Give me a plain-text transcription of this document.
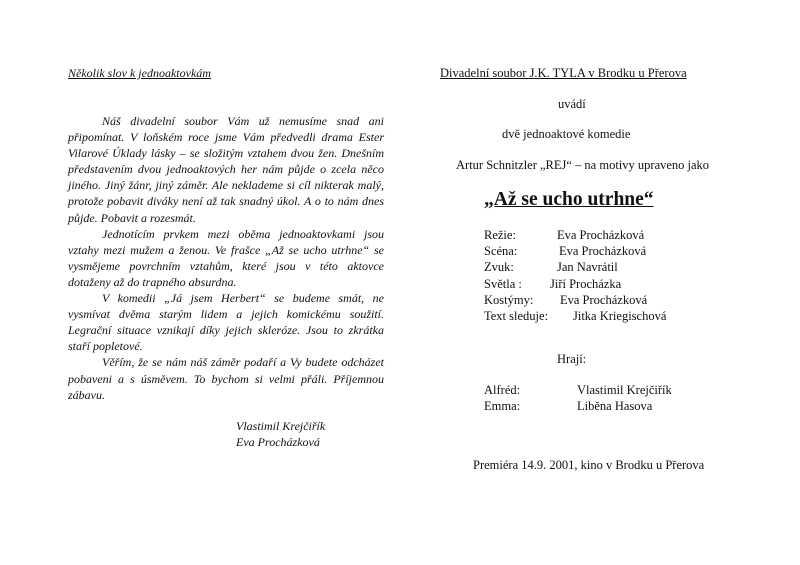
Několik slov k jednoaktovkám

Náš divadelní soubor Vám už nemusíme snad ani připomínat. V loňském roce jsme Vám předvedli drama Ester Vilarové Úklady lásky – se složitým vztahem dvou žen. Dnešním představením dvou jednoaktových her nám půjde o zcela něco jiného. Jiný žánr, jiný záměr. Ale neklademe si cíl nikterak malý, protože pobavit diváky není až tak snadný úkol. A o to nám dnes půjde. Pobavit a rozesmát.

Jednotícím prvkem mezi oběma jednoaktovkami jsou vztahy mezi mužem a ženou. Ve frašce „Až se ucho utrhne“ se vysmějeme povrchním vztahům, které jsou v této aktovce dotaženy až do trapného absurdna.

V komedii „Já jsem Herbert“ se budeme smát, ne vysmívat dvěma starým lidem a jejich komickému soužití. Legrační situace vznikají díky jejich skleróze. Jsou to zkrátka staří popletové.

Věřím, že se nám náš záměr podaří a Vy budete odcházet pobaveni a s úsměvem. To bychom si velmi přáli. Příjemnou zábavu.

Vlastimil Krejčiřík
Eva Procházková
Divadelní soubor J.K. TYLA v Brodku u Přerova
uvádí
dvě jednoaktové komedie
Artur Schnitzler „REJ“ – na motivy upraveno jako
„Až se ucho utrhne“
Režie:	Eva Procházková
Scéna:	Eva Procházková
Zvuk:	Jan Navrátil
Světla : Jiří Procházka
Kostýmy: Eva Procházková
Text sleduje: Jitka Kriegischová
Hrají:
Alfréd:	Vlastimil Krejčiřík
Emma:	Liběna Hasova
Premiéra 14.9. 2001, kino v Brodku u Přerova
